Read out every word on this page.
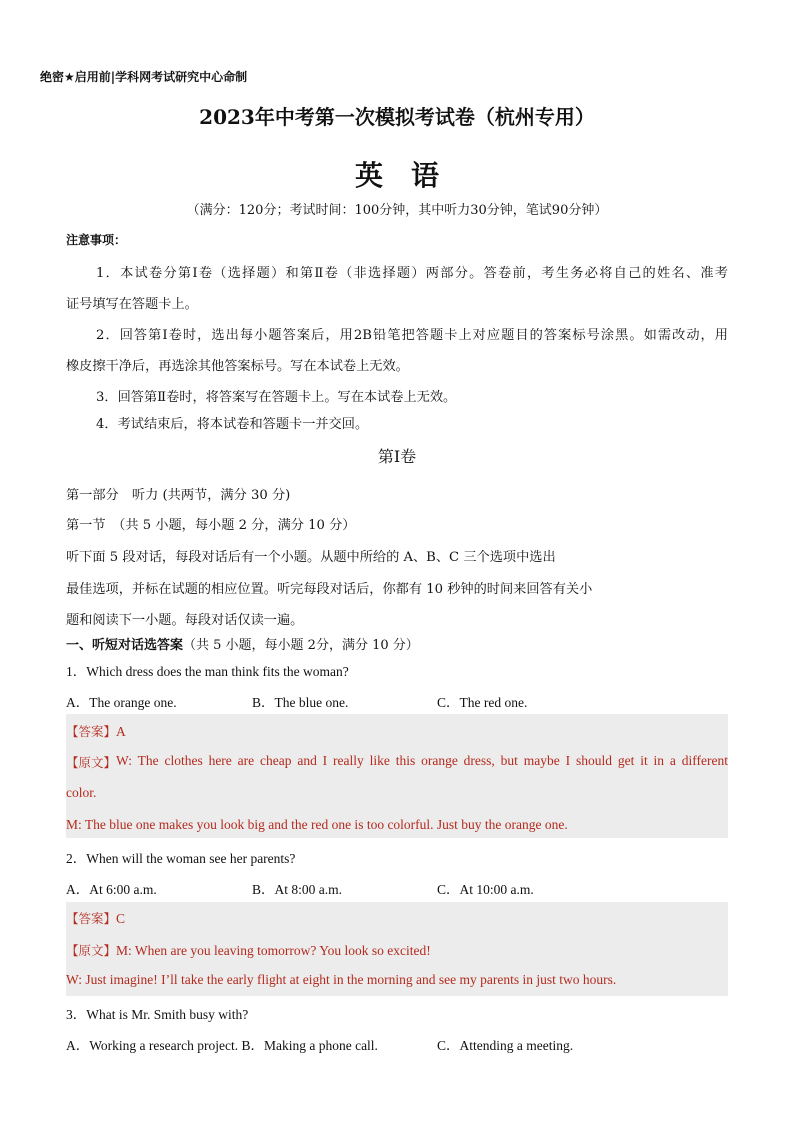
绝密★启用前|学科网考试研究中心命制
2023年中考第一次模拟考试卷（杭州专用）
英语
（满分：120分；考试时间：100分钟，其中听力30分钟，笔试90分钟）
注意事项：
1．本试卷分第Ⅰ卷（选择题）和第Ⅱ卷（非选择题）两部分。答卷前，考生务必将自己的姓名、准考
证号填写在答题卡上。
2．回答第Ⅰ卷时，选出每小题答案后，用2B铅笔把答题卡上对应题目的答案标号涂黑。如需改动，用
橡皮擦干净后，再选涂其他答案标号。写在本试卷上无效。
3．回答第Ⅱ卷时，将答案写在答题卡上。写在本试卷上无效。
4．考试结束后，将本试卷和答题卡一并交回。
第Ⅰ卷
第一部分　听力 (共两节，满分 30 分)
第一节　（共 5 小题，每小题 2 分，满分 10 分）
听下面 5 段对话，每段对话后有一个小题。从题中所给的 A、B、C 三个选项中选出
最佳选项，并标在试题的相应位置。听完每段对话后，你都有 10 秒钟的时间来回答有关小
题和阅读下一小题。每段对话仅读一遍。
一、听短对话选答案（共 5 小题，每小题 2分，满分 10 分）
1．Which dress does the man think fits the woman?
A．The orange one.	B．The blue one.	C．The red one.
【答案】A
【原文】 W: The clothes here are cheap and I really like this orange dress, but maybe I should get it in a different
color.
M: The blue one makes you look big and the red one is too colorful. Just buy the orange one.
2．When will the woman see her parents?
A．At 6:00 a.m.	B．At 8:00 a.m.	C．At 10:00 a.m.
【答案】C
【原文】M: When are you leaving tomorrow? You look so excited!
W: Just imagine! I’ll take the early flight at eight in the morning and see my parents in just two hours.
3．What is Mr. Smith busy with?
A．Working a research project. B．Making a phone call.	C．Attending a meeting.
